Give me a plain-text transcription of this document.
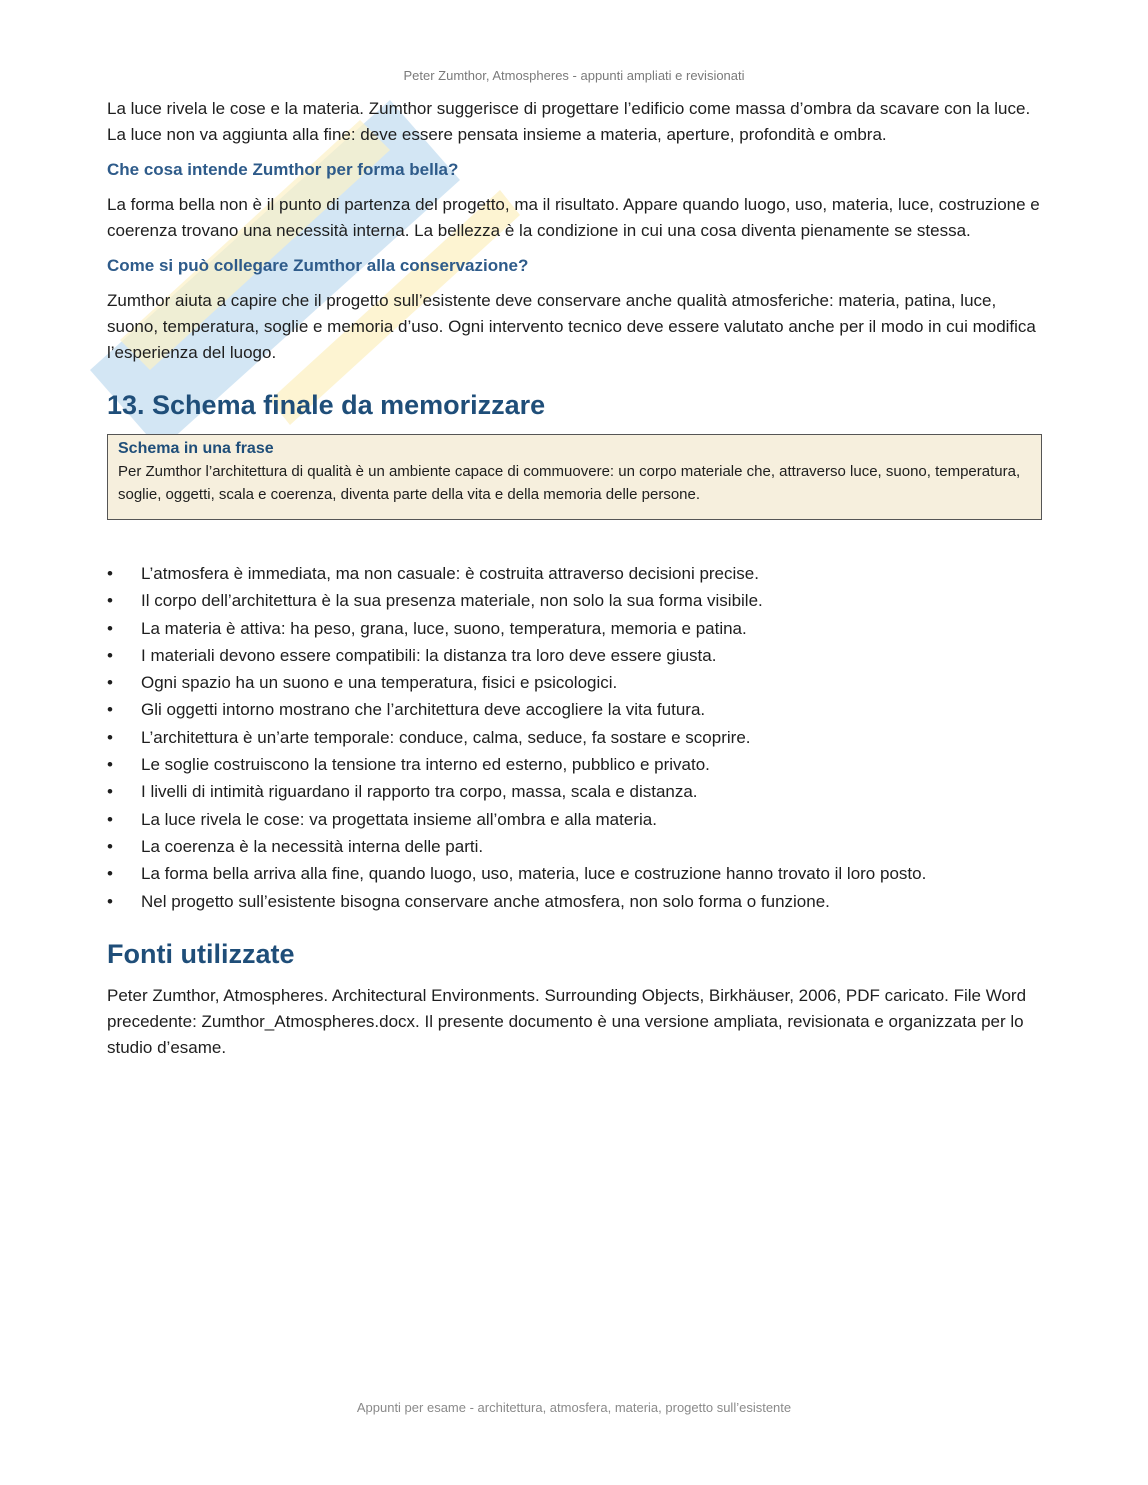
Peter Zumthor, Atmospheres - appunti ampliati e revisionati

La luce rivela le cose e la materia. Zumthor suggerisce di progettare l’edificio come massa d’ombra da scavare con la luce. La luce non va aggiunta alla fine: deve essere pensata insieme a materia, aperture, profondità e ombra.

Che cosa intende Zumthor per forma bella?

La forma bella non è il punto di partenza del progetto, ma il risultato. Appare quando luogo, uso, materia, luce, costruzione e coerenza trovano una necessità interna. La bellezza è la condizione in cui una cosa diventa pienamente se stessa.

Come si può collegare Zumthor alla conservazione?

Zumthor aiuta a capire che il progetto sull’esistente deve conservare anche qualità atmosferiche: materia, patina, luce, suono, temperatura, soglie e memoria d’uso. Ogni intervento tecnico deve essere valutato anche per il modo in cui modifica l’esperienza del luogo.

13. Schema finale da memorizzare
Schema in una frase
Per Zumthor l’architettura di qualità è un ambiente capace di commuovere: un corpo materiale che, attraverso luce, suono, temperatura, soglie, oggetti, scala e coerenza, diventa parte della vita e della memoria delle persone.
• L’atmosfera è immediata, ma non casuale: è costruita attraverso decisioni precise.
• Il corpo dell’architettura è la sua presenza materiale, non solo la sua forma visibile.
• La materia è attiva: ha peso, grana, luce, suono, temperatura, memoria e patina.
• I materiali devono essere compatibili: la distanza tra loro deve essere giusta.
• Ogni spazio ha un suono e una temperatura, fisici e psicologici.
• Gli oggetti intorno mostrano che l’architettura deve accogliere la vita futura.
• L’architettura è un’arte temporale: conduce, calma, seduce, fa sostare e scoprire.
• Le soglie costruiscono la tensione tra interno ed esterno, pubblico e privato.
• I livelli di intimità riguardano il rapporto tra corpo, massa, scala e distanza.
• La luce rivela le cose: va progettata insieme all’ombra e alla materia.
• La coerenza è la necessità interna delle parti.
• La forma bella arriva alla fine, quando luogo, uso, materia, luce e costruzione hanno trovato il loro posto.
• Nel progetto sull’esistente bisogna conservare anche atmosfera, non solo forma o funzione.
Fonti utilizzate

Peter Zumthor, Atmospheres. Architectural Environments. Surrounding Objects, Birkhäuser, 2006, PDF caricato. File Word precedente: Zumthor_Atmospheres.docx. Il presente documento è una versione ampliata, revisionata e organizzata per lo studio d’esame.

Appunti per esame - architettura, atmosfera, materia, progetto sull’esistente
